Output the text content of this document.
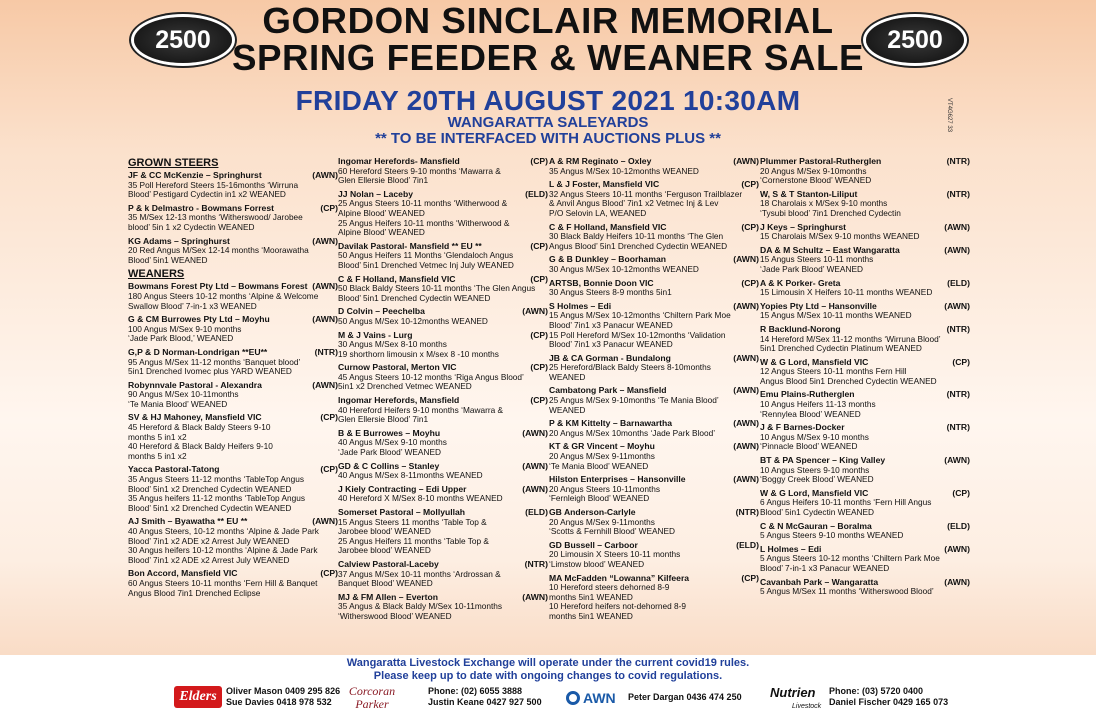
2500	2500
GORDON SINCLAIR MEMORIAL
SPRING FEEDER & WEANER SALE
FRIDAY 20TH AUGUST 2021 10:30AM
WANGARATTA SALEYARDS
** TO BE INTERFACED WITH AUCTIONS PLUS **
VT4G627 33
GROWN STEERS
JF & CC McKenzie – Springhurst	(AWN)
35 Poll Hereford Steers 15-16months ‘Wirruna
Blood’ Pestigard Cydectin in1 x2 WEANED
P & k Delmastro - Bowmans Forrest	(CP)
35 M/Sex 12-13 months ‘Witherswood/ Jarobee
blood’ 5in 1 x2 Cydectin WEANED
KG Adams – Springhurst	(AWN)
20 Red Angus M/Sex 12-14 months ‘Moorawatha
Blood’ 5in1 WEANED
WEANERS
Bowmans Forest Pty Ltd – Bowmans Forest (AWN)
180 Angus Steers 10-12 months ‘Alpine & Welcome
Swallow Blood’ 7-in-1 x3 WEANED
G & CM Burrowes Pty Ltd – Moyhu	(AWN)
100 Angus M/Sex 9-10 months
‘Jade Park Blood,’ WEANED
G,P & D Norman-Londrigan **EU**	(NTR)
95 Angus M/Sex 11-12 months ‘Banquet blood’
5in1 Drenched Ivomec plus YARD WEANED
Robynnvale Pastoral - Alexandra	(AWN)
90 Angus M/Sex 10-11months
‘Te Mania Blood’ WEANED
SV & HJ Mahoney, Mansfield VIC	(CP)
45 Hereford & Black Baldy Steers 9-10
months 5 in1 x2
40 Hereford & Black Baldy Heifers 9-10
months 5 in1 x2
Yacca Pastoral-Tatong	(CP)
35 Angus Steers 11-12 months ‘TableTop Angus
Blood’ 5in1 x2 Drenched Cydectin WEANED
35 Angus heifers 11-12 months ‘TableTop Angus
Blood’ 5in1 x2 Drenched Cydectin WEANED
AJ Smith – Byawatha ** EU **	(AWN)
40 Angus Steers, 10-12 months ‘Alpine & Jade Park
Blood’ 7in1 x2 ADE x2 Arrest July WEANED
30 Angus heifers 10-12 months ‘Alpine & Jade Park
Blood’ 7in1 x2 ADE x2 Arrest July WEANED
Bon Accord, Mansfield VIC	(CP)
60 Angus Steers 10-11 months ‘Fern Hill & Banquet
Angus Blood 7in1 Drenched Eclipse
Ingomar Herefords- Mansfield	(CP)
60 Hereford Steers 9-10 months ‘Mawarra &
Glen Ellersie Blood’ 7in1
JJ Nolan – Laceby	(ELD)
25 Angus Steers 10-11 months ‘Witherwood &
Alpine Blood’ WEANED
25 Angus Heifers 10-11 months ‘Witherwood &
Alpine Blood’ WEANED
Davilak Pastoral- Mansfield ** EU **	(CP)
50 Angus Heifers 11 Months ‘Glendaloch Angus
Blood’ 5in1 Drenched Vetmec Inj July WEANED
C & F Holland, Mansfield VIC	(CP)
50 Black Baldy Steers 10-11 months ‘The Glen Angus
Blood’ 5in1 Drenched Cydectin WEANED
D Colvin – Peechelba	(AWN)
50 Angus M/Sex 10-12months WEANED
M & J Vains - Lurg	(CP)
30 Angus M/Sex 8-10 months
19 shorthorn limousin x M/sex 8 -10 months
Curnow Pastoral, Merton VIC	(CP)
45 Angus Steers 10-12 months ‘Riga Angus Blood’
5in1 x2 Drenched Vetmec WEANED
Ingomar Herefords, Mansfield	(CP)
40 Hereford Heifers 9-10 months ‘Mawarra &
Glen Ellersie Blood’ 7in1
B & E Burrowes – Moyhu	(AWN)
40 Angus M/Sex 9-10 months
‘Jade Park Blood’ WEANED
GD & C Collins – Stanley	(AWN)
40 Angus M/Sex 8-11months WEANED
J Kiely Contracting – Edi Upper	(AWN)
40 Hereford X M/Sex 8-10 months WEANED
Somerset Pastoral – Mollyullah	(ELD)
15 Angus Steers 11 months ‘Table Top &
Jarobee blood’ WEANED
25 Angus Heifers 11 months ‘Table Top &
Jarobee blood’ WEANED
Calview Pastoral-Laceby	(NTR)
37 Angus M/Sex 10-11 months ‘Ardrossan &
Banquet Blood’ WEANED
MJ & FM Allen – Everton	(AWN)
35 Angus & Black Baldy M/Sex 10-11months
‘Witherswood Blood’ WEANED
A & RM Reginato – Oxley	(AWN)
35 Angus M/Sex 10-12months WEANED
L & J Foster, Mansfield VIC	(CP)
32 Angus Steers 10-11 months ‘Ferguson Trailblazer
& Anvil Angus Blood’ 7in1 x2 Vetmec Inj & Lev
P/O Selovin LA, WEANED
C & F Holland, Mansfield VIC	(CP)
30 Black Baldy Heifers 10-11 months ‘The Glen
Angus Blood’ 5in1 Drenched Cydectin WEANED
G & B Dunkley – Boorhaman	(AWN)
30 Angus M/Sex 10-12months WEANED
ARTSB, Bonnie Doon VIC	(CP)
30 Angus Steers 8-9 months 5in1
S Holmes – Edi	(AWN)
15 Angus M/Sex 10-12months ‘Chiltern Park Moe
Blood’ 7in1 x3 Panacur WEANED
15 Poll Hereford M/Sex 10-12months ‘Validation
Blood’ 7in1 x3 Panacur WEANED
JB & CA Gorman - Bundalong	(AWN)
25 Hereford/Black Baldy Steers 8-10months
WEANED
Cambatong Park – Mansfield	(AWN)
25 Angus M/Sex 9-10months ‘Te Mania Blood’
WEANED
P & KM Kittelty – Barnawartha	(AWN)
20 Angus M/Sex 10months ‘Jade Park Blood’
KT & GR Vincent – Moyhu	(AWN)
20 Angus M/Sex 9-11months
‘Te Mania Blood’ WEANED
Hilston Enterprises – Hansonville	(AWN)
20 Angus Steers 10-11months
‘Fernleigh Blood’ WEANED
GB Anderson-Carlyle	(NTR)
20 Angus M/Sex 9-11months
‘Scotts & Fernhill Blood’ WEANED
GD Bussell – Carboor	(ELD)
20 Limousin X Steers 10-11 months
‘Limstow blood’ WEANED
MA McFadden “Lowanna” Kilfeera	(CP)
10 Hereford steers dehorned 8-9
months 5in1 WEANED
10 Hereford heifers not-dehorned 8-9
months 5in1 WEANED
Plummer Pastoral-Rutherglen	(NTR)
20 Angus M/Sex 9-10months
‘Cornerstone Blood’ WEANED
W, S & T Stanton-Liliput	(NTR)
18 Charolais x M/Sex 9-10 months
‘Tysubi blood’ 7in1 Drenched Cydectin
J Keys – Springhurst	(AWN)
15 Charolais M/Sex 9-10 months WEANED
DA & M Schultz – East Wangaratta	(AWN)
15 Angus Steers 10-11 months
‘Jade Park Blood’ WEANED
A & K Porker- Greta	(ELD)
15 Limousin X Heifers 10-11 months WEANED
Yopies Pty Ltd – Hansonville	(AWN)
15 Angus M/Sex 10-11 months WEANED
R Backlund-Norong	(NTR)
14 Hereford M/Sex 11-12 months ‘Wirruna Blood’
5in1 Drenched Cydectin Platinum WEANED
W & G Lord, Mansfield VIC	(CP)
12 Angus Steers 10-11 months Fern Hill
Angus Blood 5in1 Drenched Cydectin WEANED
Emu Plains-Rutherglen	(NTR)
10 Angus Heifers 11-13 months
‘Rennylea Blood’ WEANED
J & F Barnes-Docker	(NTR)
10 Angus M/Sex 9-10 months
‘Pinnacle Blood’ WEANED
BT & PA Spencer – King Valley	(AWN)
10 Angus Steers 9-10 months
‘Boggy Creek Blood’ WEANED
W & G Lord, Mansfield VIC	(CP)
6 Angus Heifers 10-11 months ‘Fern Hill Angus
Blood’ 5in1 Cydectin WEANED
C & N McGauran – Boralma	(ELD)
5 Angus Steers 9-10 months WEANED
L Holmes – Edi	(AWN)
5 Angus Steers 10-12 months ‘Chiltern Park Moe
Blood’ 7-in-1 x3 Panacur WEANED
Cavanbah Park – Wangaratta	(AWN)
5 Angus M/Sex 11 months ‘Witherswood Blood’
Wangaratta Livestock Exchange will operate under the current covid19 rules.
Please keep up to date with ongoing changes to covid regulations.
Elders	Oliver Mason 0409 295 826
Sue Davies 0418 978 532
Corcoran
Parker
Phone: (02) 6055 3888
Justin Keane 0427 927 500	AWN	Peter Dargan 0436 474 250 Nutrien
Livestock
Phone: (03) 5720 0400
Daniel Fischer 0429 165 073
